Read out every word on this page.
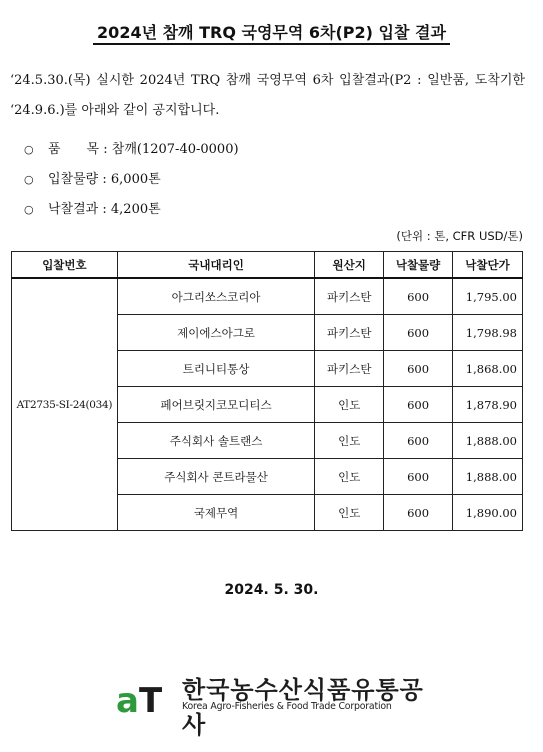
2024년 참깨 TRQ 국영무역 6차(P2) 입찰 결과
‘24.5.30.(목) 실시한 2024년 TRQ 참깨 국영무역 6차 입찰결과(P2 : 일반품, 도착기한 ‘24.9.6.)를 아래와 같이 공지합니다.
○	품　　목 : 참깨(1207-40-0000)
○	입찰물량 : 6,000톤
○	낙찰결과 : 4,200톤
(단위 : 톤, CFR USD/톤)
입찰번호	국내대리인	원산지	낙찰물량	낙찰단가
AT2735-SI-24(034)	아그리쏘스코리아	파키스탄	600	1,795.00
	제이에스아그로	파키스탄	600	1,798.98
	트리니티통상	파키스탄	600	1,868.00
	페어브릿지코모디티스	인도	600	1,878.90
	주식회사 솔트랜스	인도	600	1,888.00
	주식회사 콘트라물산	인도	600	1,888.00
	국제무역	인도	600	1,890.00
2024. 5. 30.
aT 한국농수산식품유통공사
Korea Agro-Fisheries & Food Trade Corporation
